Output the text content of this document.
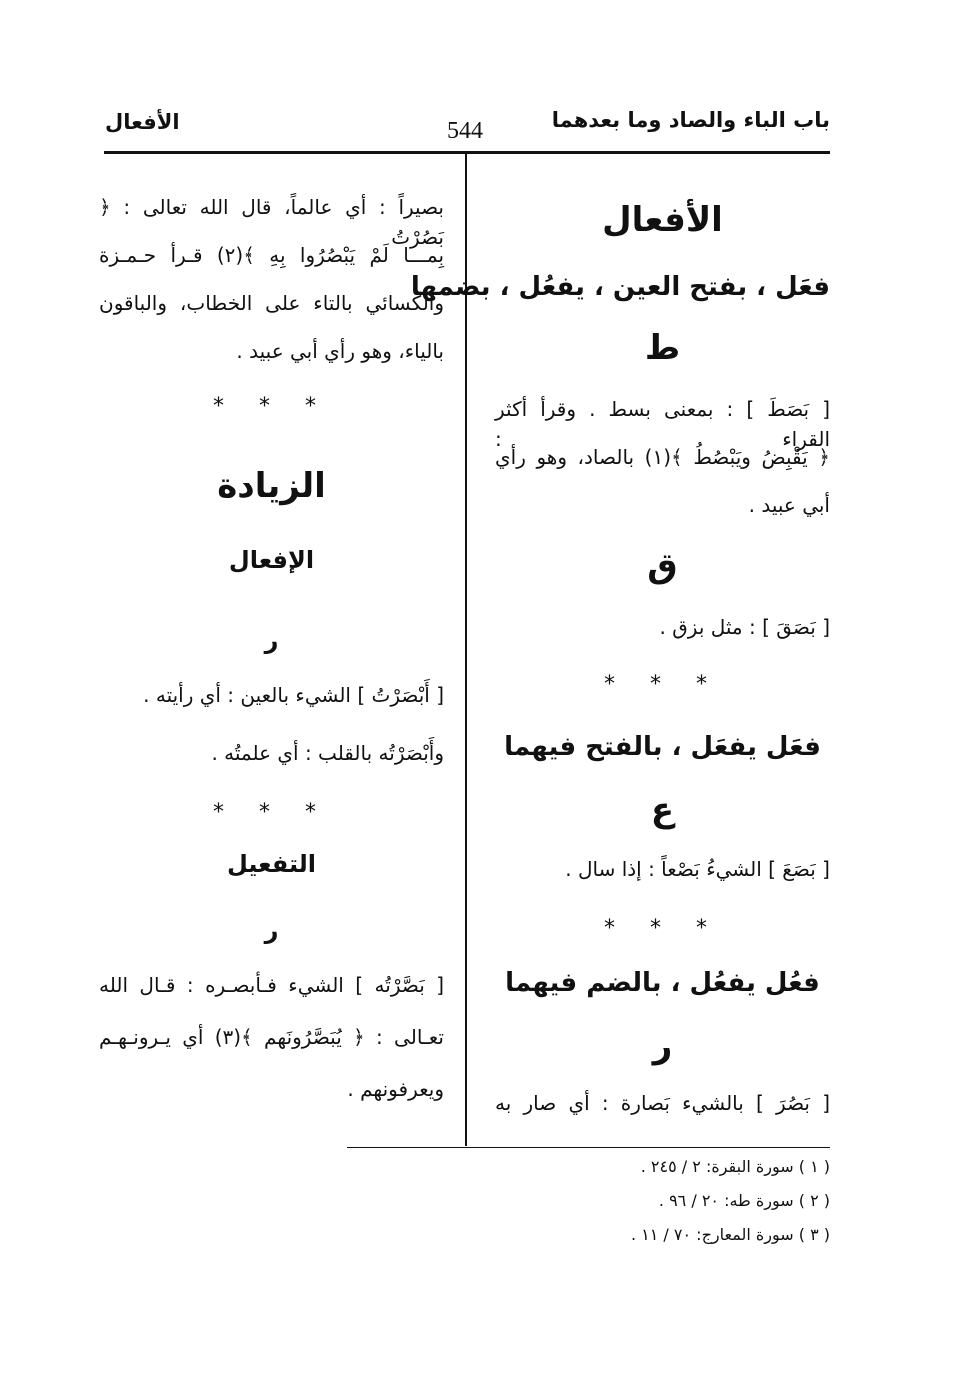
باب الباء والصاد وما بعدهما
544
الأفعال
الأفعال
فعَل ، بفتح العين ، يفعُل ، بضمها
ط
[ بَصَطَ ] : بمعنى بسط . وقرأ أكثر القراء :
﴿ يَقْبِضُ ويَبْصُطُ ﴾(١) بالصاد، وهو رأي
أبي عبيد .
ق
[ بَصَقَ ] : مثل بزق .
* * *
فعَل يفعَل ، بالفتح فيهما
ع
[ بَصَعَ ] الشيءُ بَصْعاً : إذا سال .
* * *
فعُل يفعُل ، بالضم فيهما
ر
[ بَصُرَ ] بالشيء بَصارة : أي صار به
بصيراً : أي عالماً، قال الله تعالى : ﴿ بَصُرْتُ
بِمـــا لَمْ يَبْصُرُوا بِهِ ﴾(٢) قـرأ حـمـزة
والكسائي بالتاء على الخطاب، والباقون
بالياء، وهو رأي أبي عبيد .
* * *
الزيادة
الإفعال
ر
[ أَبْصَرْتُ ] الشيء بالعين : أي رأيته .
وأَبْصَرْتُه بالقلب : أي علمتُه .
* * *
التفعيل
ر
[ بَصَّرْتُه ] الشيء فـأبصـره : قـال الله
تعـالى : ﴿ يُبَصَّرُونَهم ﴾(٣) أي يـرونـهـم
ويعرفونهم .
( ١ ) سورة البقرة: ٢ / ٢٤٥ .
( ٢ ) سورة طه: ٢٠ / ٩٦ .
( ٣ ) سورة المعارج: ٧٠ / ١١ .
